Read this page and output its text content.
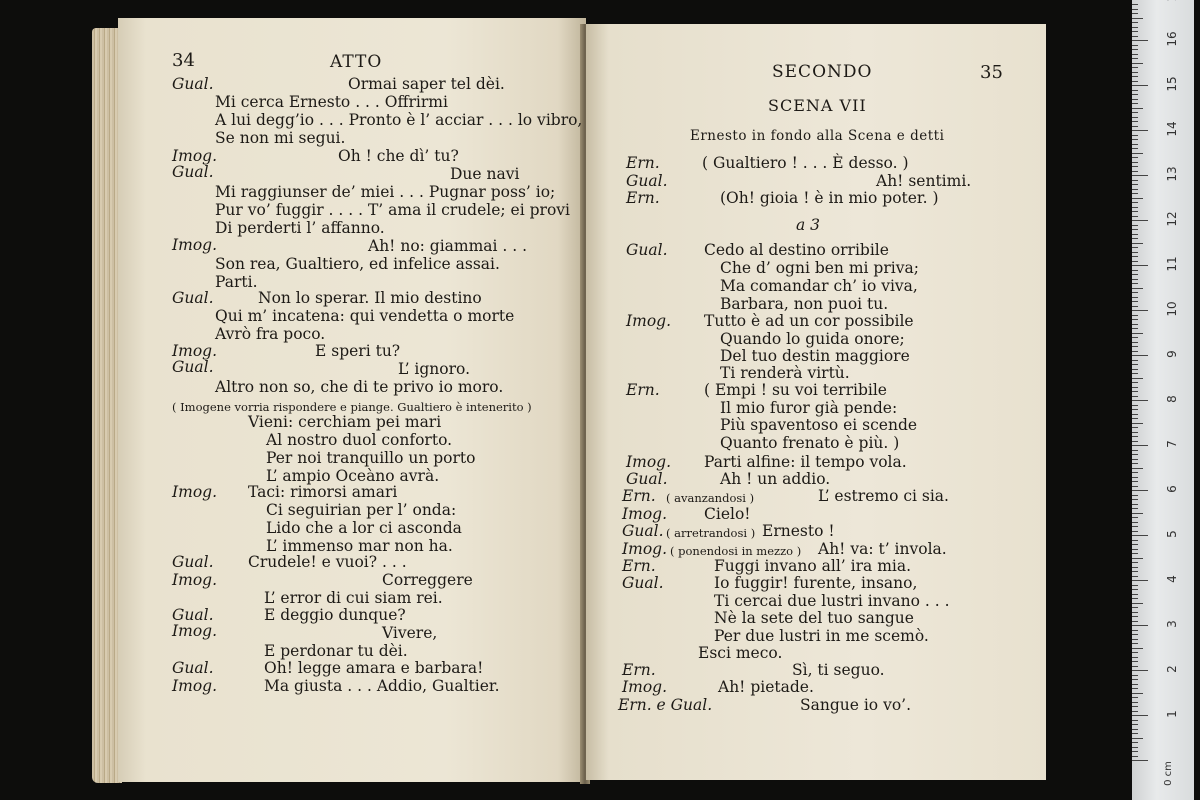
34	ATTO
Gual.	Ormai saper tel dèi.
Mi cerca Ernesto . . . Offrirmi
A lui degg’io . . . Pronto è l’ acciar . . . lo vibro,
Se non mi segui.
Imog.	Oh ! che dì’ tu?
Gual.	Due navi
Mi raggiunser de’ miei . . . Pugnar poss’ io;
Pur vo’ fuggir . . . . T’ ama il crudele; ei provi
Di perderti l’ affanno.
Imog.	Ah! no: giammai . . .
Son rea, Gualtiero, ed infelice assai.
Parti.
Gual.	Non lo sperar. Il mio destino
Qui m’ incatena: qui vendetta o morte
Avrò fra poco.
Imog.	E speri tu?
Gual.	L’ ignoro.
Altro non so, che di te privo io moro.
( Imogene vorria rispondere e piange. Gualtiero è intenerito )
Vieni: cerchiam pei mari
Al nostro duol conforto.
Per noi tranquillo un porto
L’ ampio Oceàno avrà.
Imog. Taci: rimorsi amari
Ci seguirian per l’ onda:
Lido che a lor ci asconda
L’ immenso mar non ha.
Gual. Crudele! e vuoi? . . .
Imog.	Correggere
L’ error di cui siam rei.
Gual.	E deggio dunque?
Imog.	Vivere,
E perdonar tu dèi.
Gual.	Oh! legge amara e barbara!
Imog.	Ma giusta . . . Addio, Gualtier.
SECONDO	35
SCENA VII
Ernesto in fondo alla Scena e detti
Ern.	( Gualtiero ! . . . È desso. )
Gual.	Ah! sentimi.
Ern.	(Oh! gioia ! è in mio poter. )
a 3
Gual. Cedo al destino orribile
Che d’ ogni ben mi priva;
Ma comandar ch’ io viva,
Barbara, non puoi tu.
Imog. Tutto è ad un cor possibile
Quando lo guida onore;
Del tuo destin maggiore
Ti renderà virtù.
Ern.	( Empi ! su voi terribile
Il mio furor già pende:
Più spaventoso ei scende
Quanto frenato è più. )
Imog. Parti alfine: il tempo vola.
Gual.	Ah ! un addio.
Ern. ( avanzandosi )	L’ estremo ci sia.
Imog. Cielo!
Gual. ( arretrandosi ) Ernesto !
Imog. ( ponendosi in mezzo ) Ah! va: t’ invola.
Ern.	Fuggi invano all’ ira mia.
Gual.	Io fuggir! furente, insano,
Ti cercai due lustri invano . . .
Nè la sete del tuo sangue
Per due lustri in me scemò.
Esci meco.
Ern.	Sì, ti seguo.
Imog.	Ah! pietade.
Ern. e Gual.	Sangue io vo’.
0 cm
1
2
3
4
5
6
7
8
9
10
11
12
13
14
15
16
